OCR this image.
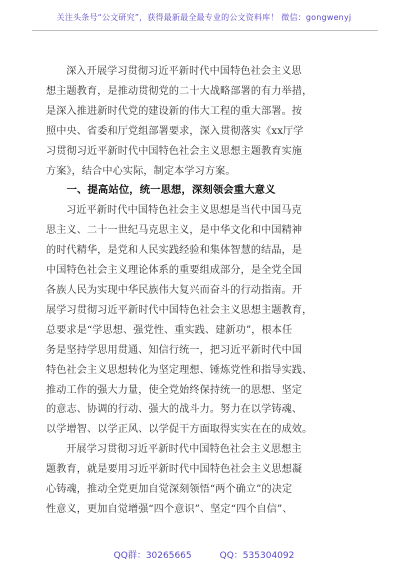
关注头条号“公文研究”，获得最新最全最专业的公文资料库！ 微信：gongwenyj
深入开展学习贯彻习近平新时代中国特色社会主义思
想主题教育，是推动贯彻党的二十大战略部署的有力举措，
是深入推进新时代党的建设新的伟大工程的重大部署。按
照中央、省委和厅党组部署要求，深入贯彻落实《xx厅学
习贯彻习近平新时代中国特色社会主义思想主题教育实施
方案》，结合中心实际，制定本学习方案。
一、提高站位，统一思想，深刻领会重大意义
习近平新时代中国特色社会主义思想是当代中国马克
思主义、二十一世纪马克思主义，是中华文化和中国精神
的时代精华，是党和人民实践经验和集体智慧的结晶，是
中国特色社会主义理论体系的重要组成部分，是全党全国
各族人民为实现中华民族伟大复兴而奋斗的行动指南。开
展学习贯彻习近平新时代中国特色社会主义思想主题教育，
总要求是“学思想、强党性、重实践、建新功”，根本任
务是坚持学思用贯通、知信行统一，把习近平新时代中国
特色社会主义思想转化为坚定理想、锤炼党性和指导实践、
推动工作的强大力量，使全党始终保持统一的思想、坚定
的意志、协调的行动、强大的战斗力。努力在以学铸魂、
以学增智、以学正风、以学促干方面取得实实在在的成效。
开展学习贯彻习近平新时代中国特色社会主义思想主
题教育，就是要用习近平新时代中国特色社会主义思想凝
心铸魂，推动全党更加自觉深刻领悟“两个确立”的决定
性意义，更加自觉增强“四个意识”、坚定“四个自信”、
QQ群：30265665	QQ：535304092
